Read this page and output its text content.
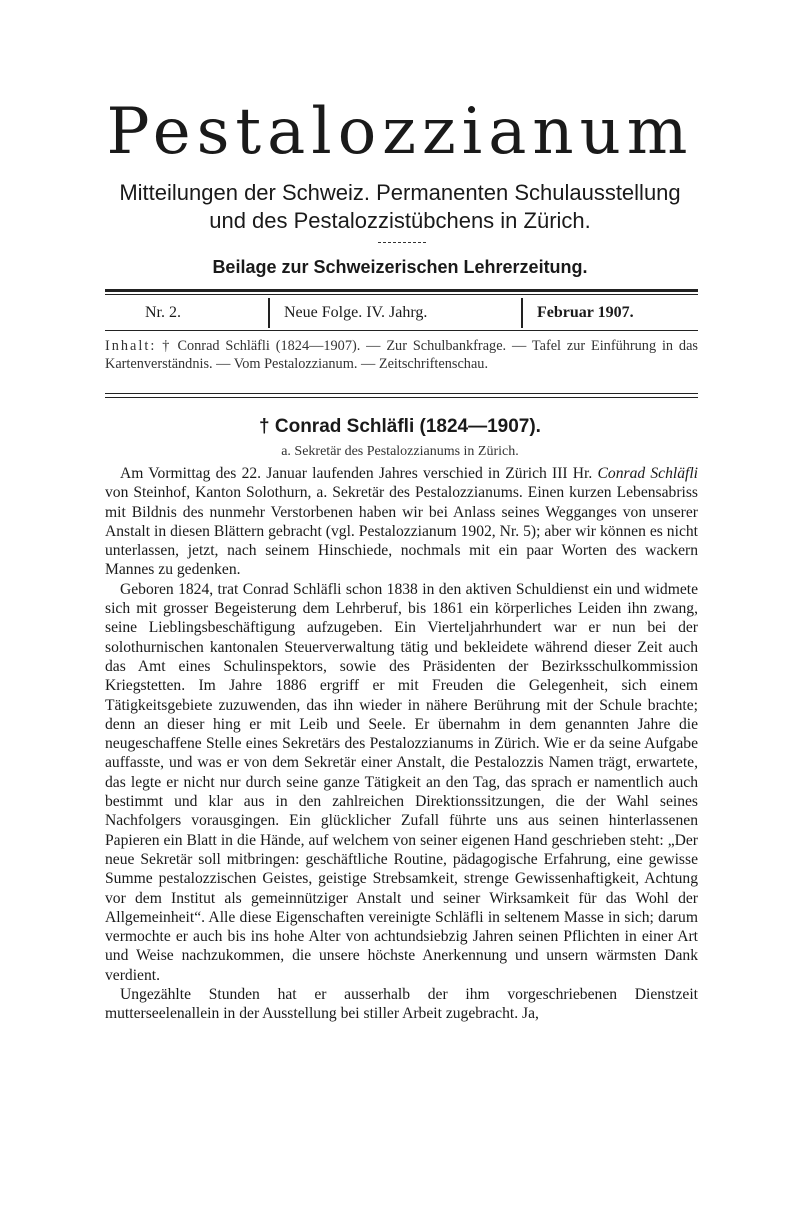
Pestalozzianum
Mitteilungen der Schweiz. Permanenten Schulausstellung
und des Pestalozzistübchens in Zürich.
Beilage zur Schweizerischen Lehrerzeitung.
Nr. 2.	Neue Folge. IV. Jahrg.	Februar 1907.
Inhalt: † Conrad Schläfli (1824—1907). — Zur Schulbankfrage. — Tafel zur Einführung in das Kartenverständnis. — Vom Pestalozzianum. — Zeitschriftenschau.
† Conrad Schläfli (1824—1907).
a. Sekretär des Pestalozzianums in Zürich.

Am Vormittag des 22. Januar laufenden Jahres verschied in Zürich III Hr. Conrad Schläfli von Steinhof, Kanton Solothurn, a. Sekretär des Pestalozzianums. Einen kurzen Lebensabriss mit Bildnis des nunmehr Verstorbenen haben wir bei Anlass seines Wegganges von unserer Anstalt in diesen Blättern gebracht (vgl. Pestalozzianum 1902, Nr. 5); aber wir können es nicht unterlassen, jetzt, nach seinem Hinschiede, nochmals mit ein paar Worten des wackern Mannes zu gedenken.

Geboren 1824, trat Conrad Schläfli schon 1838 in den aktiven Schuldienst ein und widmete sich mit grosser Begeisterung dem Lehrberuf, bis 1861 ein körperliches Leiden ihn zwang, seine Lieblingsbeschäftigung aufzugeben. Ein Vierteljahrhundert war er nun bei der solothurnischen kantonalen Steuerverwaltung tätig und bekleidete während dieser Zeit auch das Amt eines Schulinspektors, sowie des Präsidenten der Bezirksschulkommission Kriegstetten. Im Jahre 1886 ergriff er mit Freuden die Gelegenheit, sich einem Tätigkeitsgebiete zuzuwenden, das ihn wieder in nähere Berührung mit der Schule brachte; denn an dieser hing er mit Leib und Seele. Er übernahm in dem genannten Jahre die neugeschaffene Stelle eines Sekretärs des Pestalozzianums in Zürich. Wie er da seine Aufgabe auffasste, und was er von dem Sekretär einer Anstalt, die Pestalozzis Namen trägt, erwartete, das legte er nicht nur durch seine ganze Tätigkeit an den Tag, das sprach er namentlich auch bestimmt und klar aus in den zahlreichen Direktionssitzungen, die der Wahl seines Nachfolgers vorausgingen. Ein glücklicher Zufall führte uns aus seinen hinterlassenen Papieren ein Blatt in die Hände, auf welchem von seiner eigenen Hand geschrieben steht: „Der neue Sekretär soll mitbringen: geschäftliche Routine, pädagogische Erfahrung, eine gewisse Summe pestalozzischen Geistes, geistige Strebsamkeit, strenge Gewissenhaftigkeit, Achtung vor dem Institut als gemeinnütziger Anstalt und seiner Wirksamkeit für das Wohl der Allgemeinheit“. Alle diese Eigenschaften vereinigte Schläfli in seltenem Masse in sich; darum vermochte er auch bis ins hohe Alter von achtundsiebzig Jahren seinen Pflichten in einer Art und Weise nachzukommen, die unsere höchste Anerkennung und unsern wärmsten Dank verdient.

Ungezählte Stunden hat er ausserhalb der ihm vorgeschriebenen Dienstzeit mutterseelenallein in der Ausstellung bei stiller Arbeit zugebracht. Ja,
